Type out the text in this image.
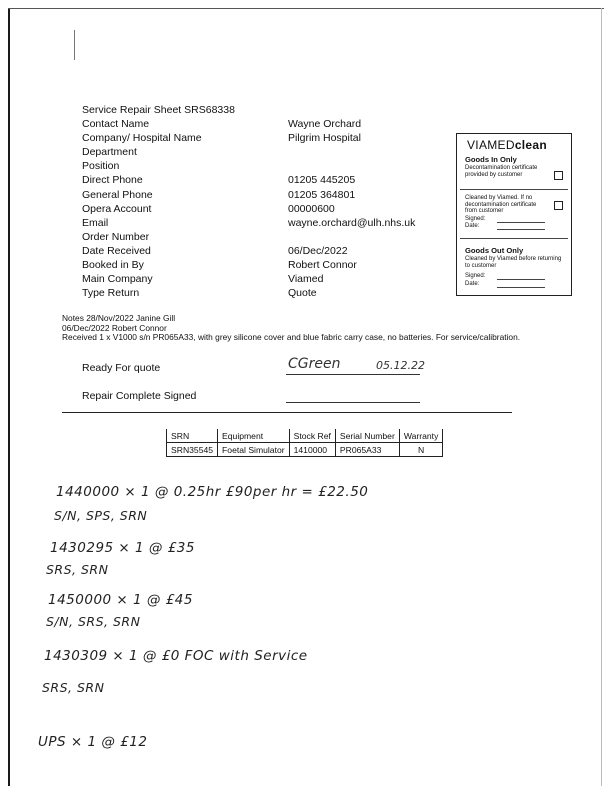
Service Repair Sheet SRS68338
Contact Name	Wayne Orchard
Company/ Hospital Name	Pilgrim Hospital
Department
Position
Direct Phone	01205 445205
General Phone	01205 364801
Opera Account	00000600
Email	wayne.orchard@ulh.nhs.uk
Order Number
Date Received	06/Dec/2022
Booked in By	Robert Connor
Main Company	Viamed
Type Return	Quote
VIAMEDclean
Goods In Only
Decontamination certificate provided by customer
Cleaned by Viamed. If no decontamination certificate from customer
Signed:
Date:
Goods Out Only
Cleaned by Viamed before returning to customer
Signed:
Date:
Notes 28/Nov/2022 Janine Gill
06/Dec/2022 Robert Connor
Received 1 x V1000 s/n PR065A33, with grey silicone cover and blue fabric carry case, no batteries. For service/calibration.
Ready For quote	CGreen	05.12.22
Repair Complete Signed
SRN	Equipment	Stock Ref	Serial Number	Warranty
SRN35545	Foetal Simulator	1410000	PR065A33	N
1440000 × 1 @ 0.25hr £90per hr = £22.50
S/N, SPS, SRN
1430295 × 1 @ £35
SRS, SRN
1450000 × 1 @ £45
S/N, SRS, SRN
1430309 × 1 @ £0 FOC with Service
SRS, SRN
UPS × 1 @ £12
